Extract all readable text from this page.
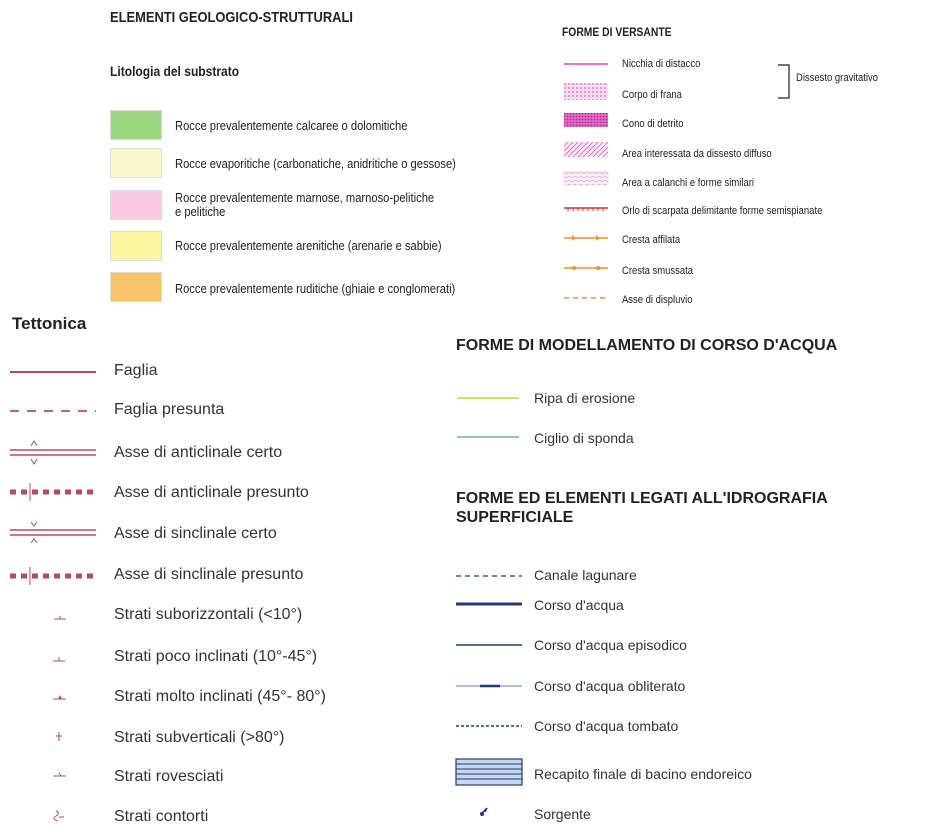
ELEMENTI GEOLOGICO-STRUTTURALI
Litologia del substrato
Rocce prevalentemente calcaree o dolomitiche
Rocce evaporitiche (carbonatiche, anidritiche o gessose)
Rocce prevalentemente marnose, marnoso-pelitiche
e pelitiche
Rocce prevalentemente arenitiche (arenarie e sabbie)
Rocce prevalentemente ruditiche (ghiaie e conglomerati)
FORME DI VERSANTE
Nicchia di distacco
Corpo di frana
Cono di detrito
Area interessata da dissesto diffuso
Area a calanchi e forme similari
Orlo di scarpata delimitante forme semispianate
Cresta affilata
Cresta smussata
Asse di displuvio
Dissesto gravitativo
Tettonica
Faglia
Faglia presunta
Asse di anticlinale certo
Asse di anticlinale presunto
Asse di sinclinale certo
Asse di sinclinale presunto
Strati suborizzontali (<10°)
Strati poco inclinati (10°-45°)
Strati molto inclinati (45°- 80°)
Strati subverticali (>80°)
Strati rovesciati
Strati contorti
FORME DI MODELLAMENTO DI CORSO D'ACQUA
Ripa di erosione
Ciglio di sponda
FORME ED ELEMENTI LEGATI ALL'IDROGRAFIA
SUPERFICIALE
Canale lagunare
Corso d'acqua
Corso d'acqua episodico
Corso d'acqua obliterato
Corso d'acqua tombato
Recapito finale di bacino endoreico
Sorgente
